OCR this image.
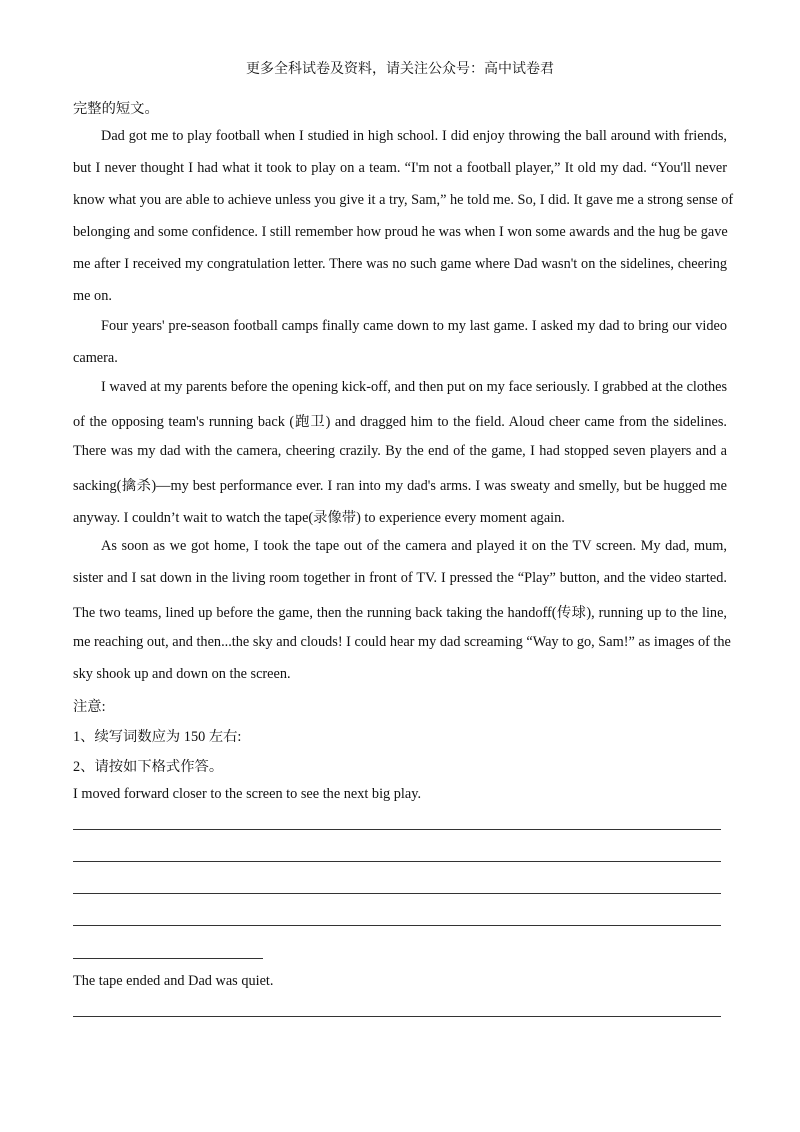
更多全科试卷及资料，请关注公众号：高中试卷君
完整的短文。
Dad got me to play football when I studied in high school. I did enjoy throwing the ball around with friends,
but I never thought I had what it took to play on a team. “I'm not a football player,” It old my dad. “You'll never
know what you are able to achieve unless you give it a try, Sam,” he told me. So, I did. It gave me a strong sense of
belonging and some confidence. I still remember how proud he was when I won some awards and the hug be gave
me after I received my congratulation letter. There was no such game where Dad wasn't on the sidelines, cheering
me on.
Four years' pre-season football camps finally came down to my last game. I asked my dad to bring our video
camera.
I waved at my parents before the opening kick-off, and then put on my face seriously. I grabbed at the clothes
of the opposing team's running back (跑卫) and dragged him to the field. Aloud cheer came from the sidelines.
There was my dad with the camera, cheering crazily. By the end of the game, I had stopped seven players and a
sacking(擒杀)—my best performance ever. I ran into my dad's arms. I was sweaty and smelly, but be hugged me
anyway. I couldn’t wait to watch the tape(录像带) to experience every moment again.
As soon as we got home, I took the tape out of the camera and played it on the TV screen. My dad, mum,
sister and I sat down in the living room together in front of TV. I pressed the “Play” button, and the video started.
The two teams, lined up before the game, then the running back taking the handoff(传球), running up to the line,
me reaching out, and then...the sky and clouds! I could hear my dad screaming “Way to go, Sam!” as images of the
sky shook up and down on the screen.
注意:
1、续写词数应为 150 左右:
2、请按如下格式作答。
I moved forward closer to the screen to see the next big play.
The tape ended and Dad was quiet.
